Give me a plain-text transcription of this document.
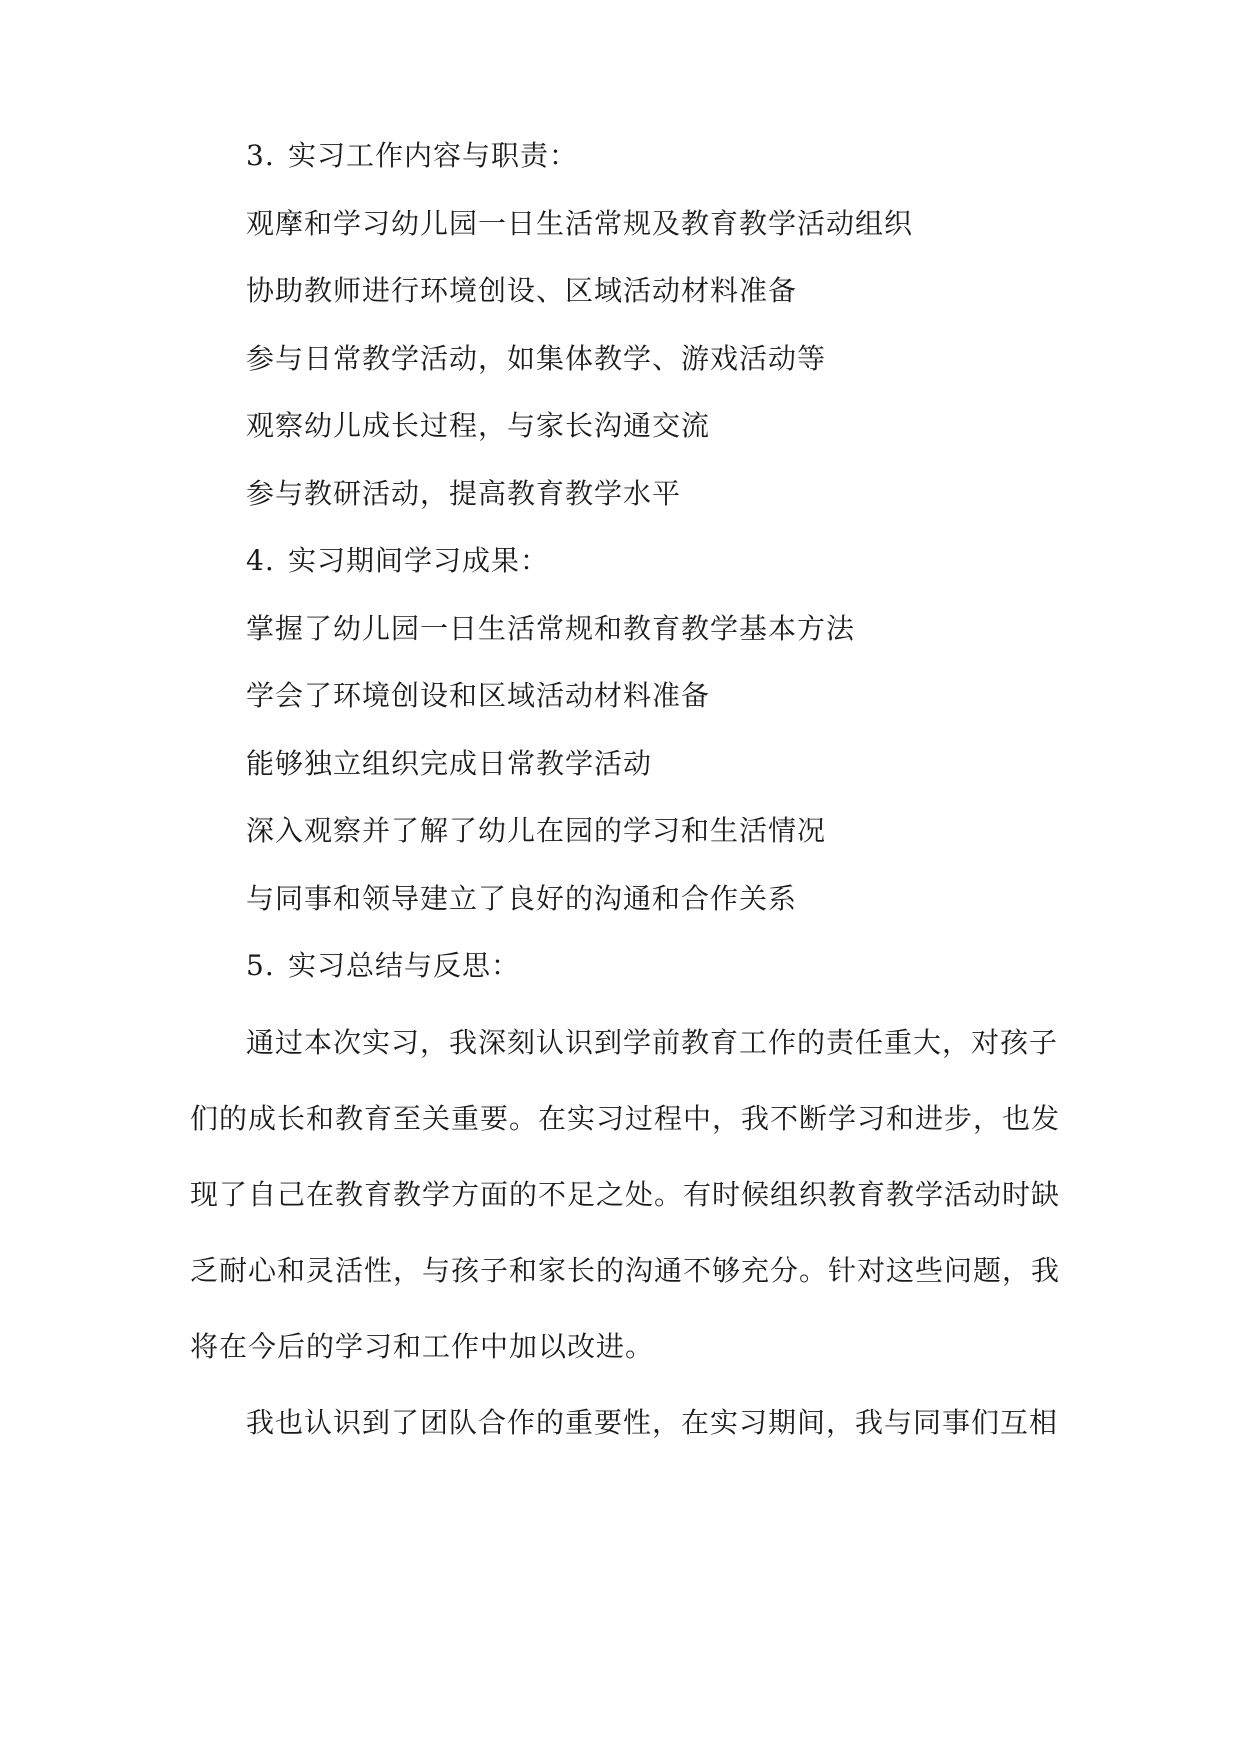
3. 实习工作内容与职责：
观摩和学习幼儿园一日生活常规及教育教学活动组织
协助教师进行环境创设、区域活动材料准备
参与日常教学活动，如集体教学、游戏活动等
观察幼儿成长过程，与家长沟通交流
参与教研活动，提高教育教学水平
4. 实习期间学习成果：
掌握了幼儿园一日生活常规和教育教学基本方法
学会了环境创设和区域活动材料准备
能够独立组织完成日常教学活动
深入观察并了解了幼儿在园的学习和生活情况
与同事和领导建立了良好的沟通和合作关系
5. 实习总结与反思：
通过本次实习，我深刻认识到学前教育工作的责任重大，对孩子
们的成长和教育至关重要。在实习过程中，我不断学习和进步，也发
现了自己在教育教学方面的不足之处。有时候组织教育教学活动时缺
乏耐心和灵活性，与孩子和家长的沟通不够充分。针对这些问题，我
将在今后的学习和工作中加以改进。
我也认识到了团队合作的重要性，在实习期间，我与同事们互相
